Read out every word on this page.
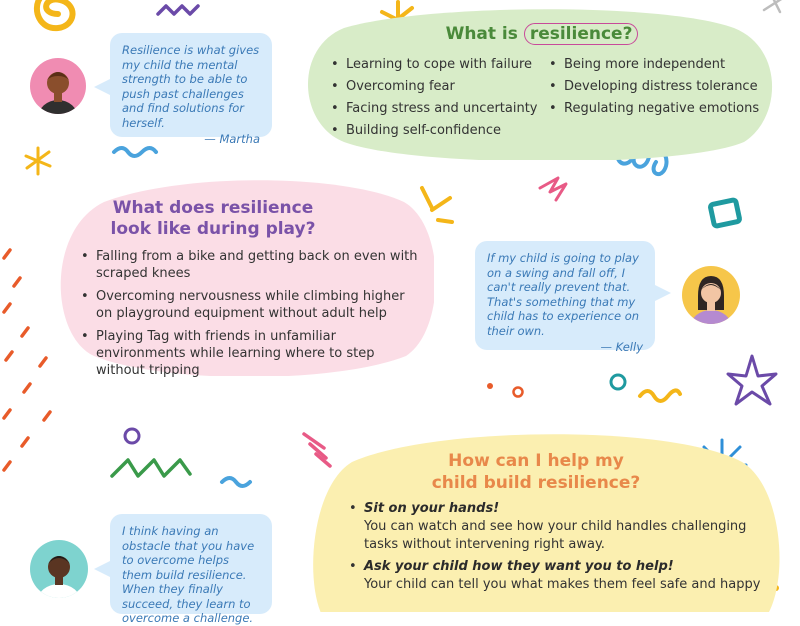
What is resilience?
• Learning to cope with failure
• Overcoming fear
• Facing stress and uncertainty
• Building self-confidence
• Being more independent
• Developing distress tolerance
• Regulating negative emotions
Resilience is what gives my child the mental strength to be able to push past challenges and find solutions for herself.
— Martha
What does resilience
look like during play?
• Falling from a bike and getting back on even with scraped knees
• Overcoming nervousness while climbing higher on playground equipment without adult help
• Playing Tag with friends in unfamiliar environments while learning where to step without tripping
If my child is going to play on a swing and fall off, I can't really prevent that. That's something that my child has to experience on their own.
— Kelly
I think having an obstacle that you have to overcome helps them build resilience. When they finally succeed, they learn to overcome a challenge.
How can I help my
child build resilience?
• Sit on your hands!
You can watch and see how your child handles challenging tasks without intervening right away.
• Ask your child how they want you to help!
Your child can tell you what makes them feel safe and happy
